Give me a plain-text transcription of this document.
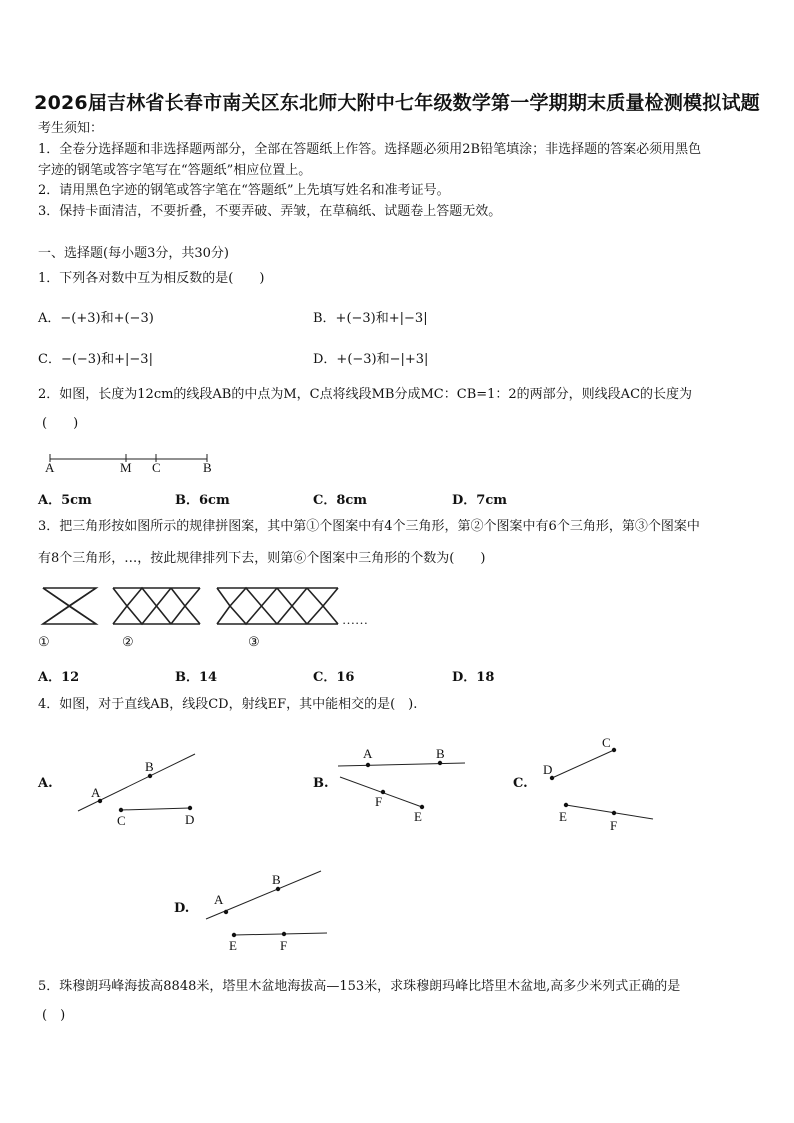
2026届吉林省长春市南关区东北师大附中七年级数学第一学期期末质量检测模拟试题
考生须知：
1．全卷分选择题和非选择题两部分，全部在答题纸上作答。选择题必须用2B铅笔填涂；非选择题的答案必须用黑色
字迹的钢笔或答字笔写在“答题纸”相应位置上。
2．请用黑色字迹的钢笔或答字笔在“答题纸”上先填写姓名和准考证号。
3．保持卡面清洁，不要折叠，不要弄破、弄皱，在草稿纸、试题卷上答题无效。
一、选择题(每小题3分，共30分)
1．下列各对数中互为相反数的是(　　)
A．−(+3)和+(−3)	B．+(−3)和+|−3|
C．−(−3)和+|−3|	D．+(−3)和−|+3|
2．如图，长度为12cm的线段AB的中点为M，C点将线段MB分成MC：CB=1：2的两部分，则线段AC的长度为
(　　)
A	M C	B
A．5cm	B．6cm	C．8cm	D．7cm
3．把三角形按如图所示的规律拼图案，其中第①个图案中有4个三角形，第②个图案中有6个三角形，第③个图案中
有8个三角形，…，按此规律排列下去，则第⑥个图案中三角形的个数为(　　)
……
①	②	③
A．12	B．14	C．16	D．18
4．如图，对于直线AB，线段CD，射线EF，其中能相交的是(　).
A.
A
B
C	D
B.
A	B
F
E
C.
D
C
E
F
D.
A
B
E	F
5．珠穆朗玛峰海拔高8848米，塔里木盆地海拔高—153米，求珠穆朗玛峰比塔里木盆地,高多少米列式正确的是
(　)
